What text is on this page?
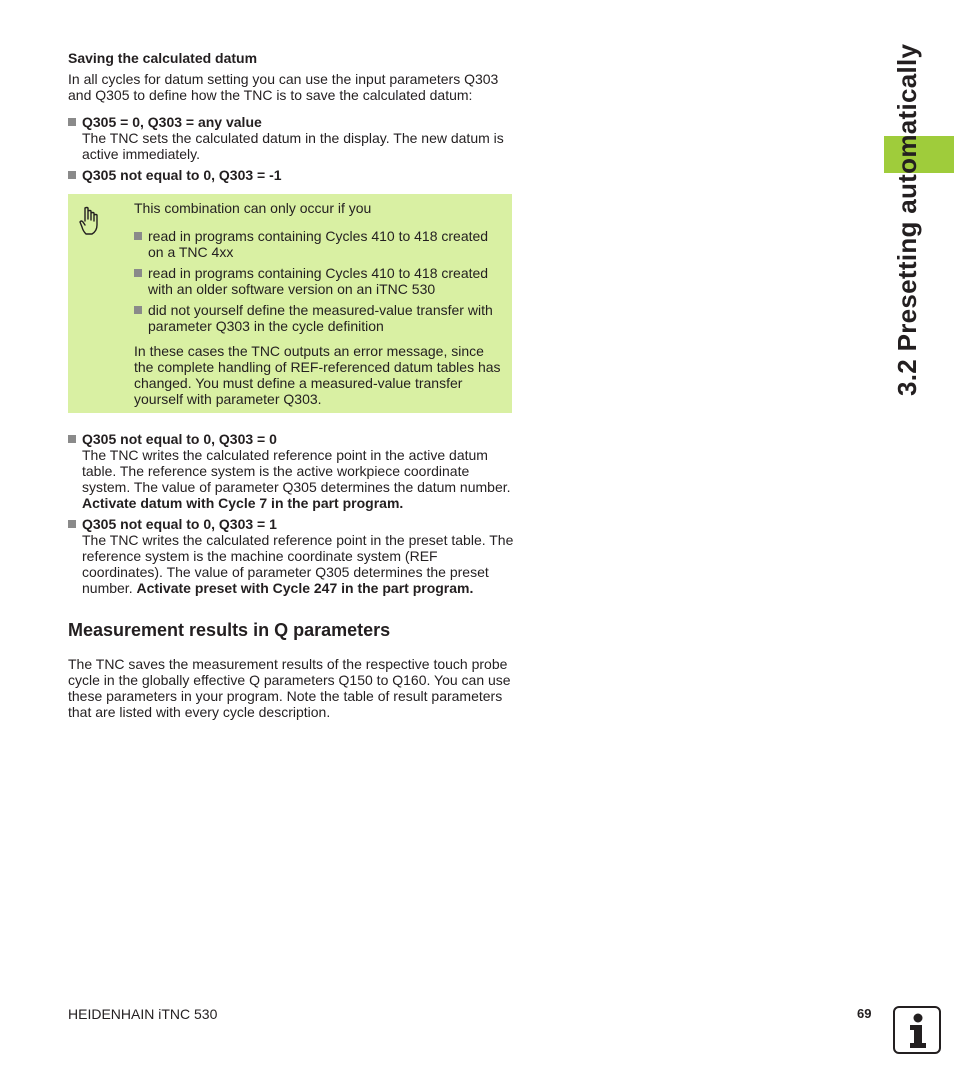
3.2 Presetting automatically
Saving the calculated datum
In all cycles for datum setting you can use the input parameters Q303 and Q305 to define how the TNC is to save the calculated datum:
Q305 = 0, Q303 = any value
The TNC sets the calculated datum in the display. The new datum is active immediately.
Q305 not equal to 0, Q303 = -1
This combination can only occur if you
read in programs containing Cycles 410 to 418 created on a TNC 4xx
read in programs containing Cycles 410 to 418 created with an older software version on an iTNC 530
did not yourself define the measured-value transfer with parameter Q303 in the cycle definition
In these cases the TNC outputs an error message, since the complete handling of REF-referenced datum tables has changed. You must define a measured-value transfer yourself with parameter Q303.
Q305 not equal to 0, Q303 = 0
The TNC writes the calculated reference point in the active datum table. The reference system is the active workpiece coordinate system. The value of parameter Q305 determines the datum number. Activate datum with Cycle 7 in the part program.
Q305 not equal to 0, Q303 = 1
The TNC writes the calculated reference point in the preset table. The reference system is the machine coordinate system (REF coordinates). The value of parameter Q305 determines the preset number. Activate preset with Cycle 247 in the part program.
Measurement results in Q parameters
The TNC saves the measurement results of the respective touch probe cycle in the globally effective Q parameters Q150 to Q160. You can use these parameters in your program. Note the table of result parameters that are listed with every cycle description.
HEIDENHAIN iTNC 530	69
